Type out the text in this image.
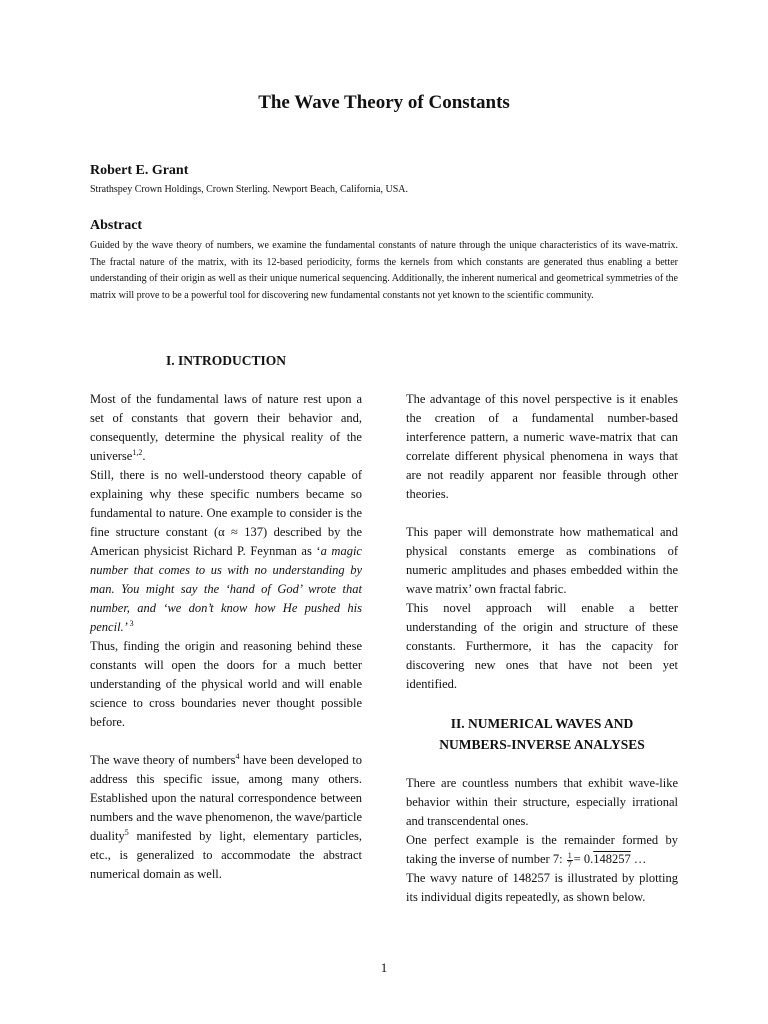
The Wave Theory of Constants
Robert E. Grant
Strathspey Crown Holdings, Crown Sterling. Newport Beach, California, USA.
Abstract
Guided by the wave theory of numbers, we examine the fundamental constants of nature through the unique characteristics of its wave-matrix. The fractal nature of the matrix, with its 12-based periodicity, forms the kernels from which constants are generated thus enabling a better understanding of their origin as well as their unique numerical sequencing. Additionally, the inherent numerical and geometrical symmetries of the matrix will prove to be a powerful tool for discovering new fundamental constants not yet known to the scientific community.
I. INTRODUCTION

Most of the fundamental laws of nature rest upon a set of constants that govern their behavior and, consequently, determine the physical reality of the universe$^{1,2}$.

Still, there is no well-understood theory capable of explaining why these specific numbers became so fundamental to nature. One example to consider is the fine structure constant (α ≈ 137) described by the American physicist Richard P. Feynman as ‘a magic number that comes to us with no understanding by man. You might say the ‘hand of God’ wrote that number, and ‘we don’t know how He pushed his pencil.’ $^3$

Thus, finding the origin and reasoning behind these constants will open the doors for a much better understanding of the physical world and will enable science to cross boundaries never thought possible before.

The wave theory of numbers$^4$ have been developed to address this specific issue, among many others. Established upon the natural correspondence between numbers and the wave phenomenon, the wave/particle duality$^5$ manifested by light, elementary particles, etc., is generalized to accommodate the abstract numerical domain as well.

The advantage of this novel perspective is it enables the creation of a fundamental number-based interference pattern, a numeric wave-matrix that can correlate different physical phenomena in ways that are not readily apparent nor feasible through other theories.

This paper will demonstrate how mathematical and physical constants emerge as combinations of numeric amplitudes and phases embedded within the wave matrix’ own fractal fabric.

This novel approach will enable a better understanding of the origin and structure of these constants. Furthermore, it has the capacity for discovering new ones that have not been yet identified.

II. NUMERICAL WAVES AND
NUMBERS-INVERSE ANALYSES

There are countless numbers that exhibit wave-like behavior within their structure, especially irrational and transcendental ones.

One perfect example is the remainder formed by taking the inverse of number 7: $\frac{1}{7} = 0.148257$ …

The wavy nature of 148257 is illustrated by plotting its individual digits repeatedly, as shown below.

1
